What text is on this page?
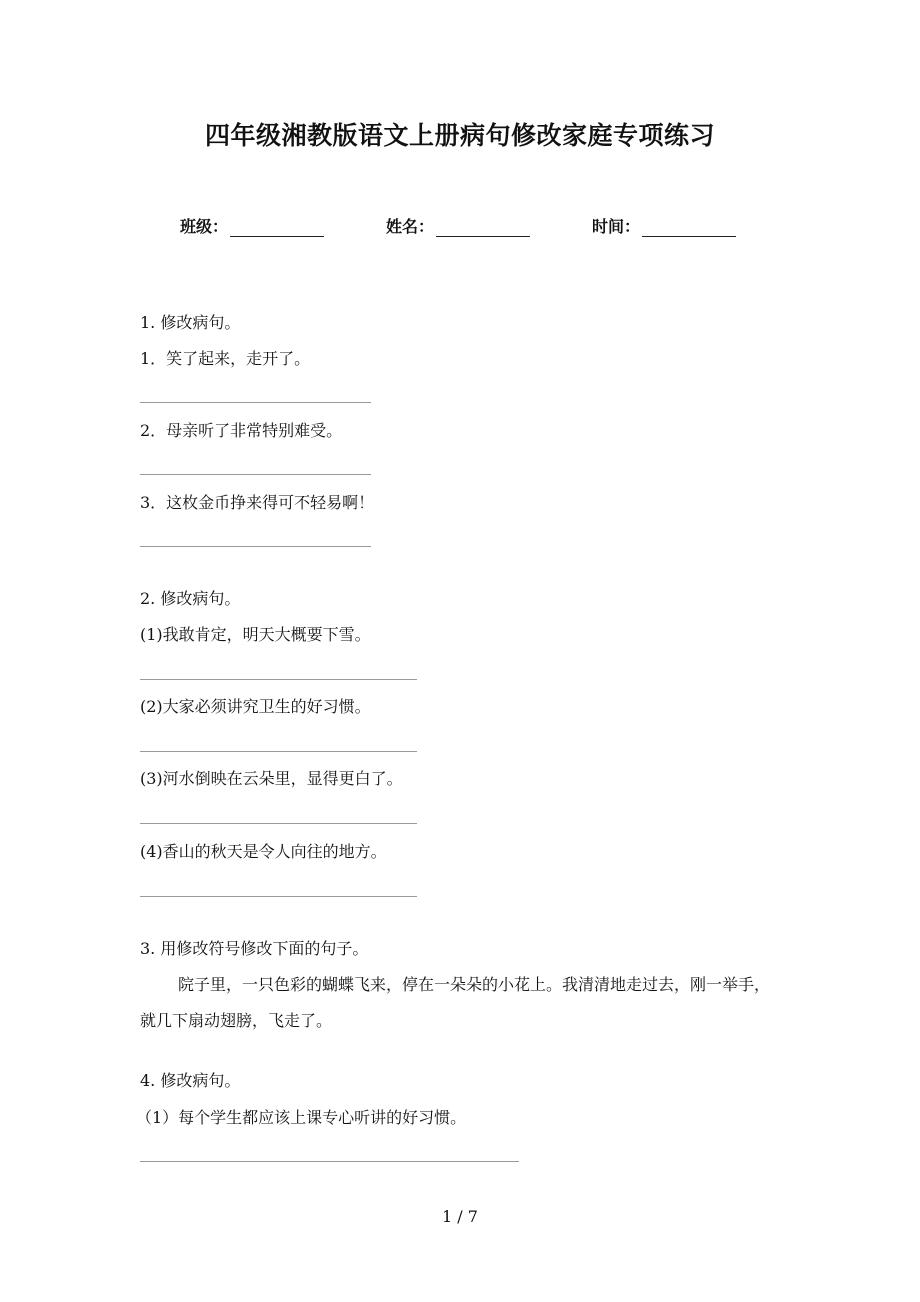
四年级湘教版语文上册病句修改家庭专项练习
班级：	姓名：	时间：
1. 修改病句。
1．笑了起来，走开了。
2．母亲听了非常特别难受。
3．这枚金币挣来得可不轻易啊！
2. 修改病句。
(1)我敢肯定，明天大概要下雪。
(2)大家必须讲究卫生的好习惯。
(3)河水倒映在云朵里，显得更白了。
(4)香山的秋天是令人向往的地方。
3. 用修改符号修改下面的句子。
院子里，一只色彩的蝴蝶飞来，停在一朵朵的小花上。我清清地走过去，刚一举手，就几下扇动翅膀，飞走了。
4. 修改病句。
（1）每个学生都应该上课专心听讲的好习惯。
1 / 7
